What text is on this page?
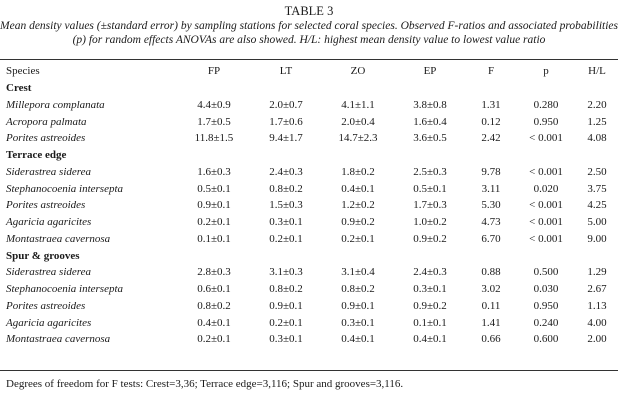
TABLE 3
Mean density values (±standard error) by sampling stations for selected coral species. Observed F-ratios and associated probabilities (p) for random effects ANOVAs are also showed. H/L: highest mean density value to lowest value ratio
Species	FP	LT	ZO	EP	F	p	H/L
Crest							
Millepora complanata	4.4±0.9	2.0±0.7	4.1±1.1	3.8±0.8	1.31	0.280	2.20
Acropora palmata	1.7±0.5	1.7±0.6	2.0±0.4	1.6±0.4	0.12	0.950	1.25
Porites astreoides	11.8±1.5	9.4±1.7	14.7±2.3	3.6±0.5	2.42	< 0.001	4.08
Terrace edge							
Siderastrea siderea	1.6±0.3	2.4±0.3	1.8±0.2	2.5±0.3	9.78	< 0.001	2.50
Stephanocoenia intersepta	0.5±0.1	0.8±0.2	0.4±0.1	0.5±0.1	3.11	0.020	3.75
Porites astreoides	0.9±0.1	1.5±0.3	1.2±0.2	1.7±0.3	5.30	< 0.001	4.25
Agaricia agaricites	0.2±0.1	0.3±0.1	0.9±0.2	1.0±0.2	4.73	< 0.001	5.00
Montastraea cavernosa	0.1±0.1	0.2±0.1	0.2±0.1	0.9±0.2	6.70	< 0.001	9.00
Spur & grooves							
Siderastrea siderea	2.8±0.3	3.1±0.3	3.1±0.4	2.4±0.3	0.88	0.500	1.29
Stephanocoenia intersepta	0.6±0.1	0.8±0.2	0.8±0.2	0.3±0.1	3.02	0.030	2.67
Porites astreoides	0.8±0.2	0.9±0.1	0.9±0.1	0.9±0.2	0.11	0.950	1.13
Agaricia agaricites	0.4±0.1	0.2±0.1	0.3±0.1	0.1±0.1	1.41	0.240	4.00
Montastraea cavernosa	0.2±0.1	0.3±0.1	0.4±0.1	0.4±0.1	0.66	0.600	2.00
Degrees of freedom for F tests: Crest=3,36; Terrace edge=3,116; Spur and grooves=3,116.
